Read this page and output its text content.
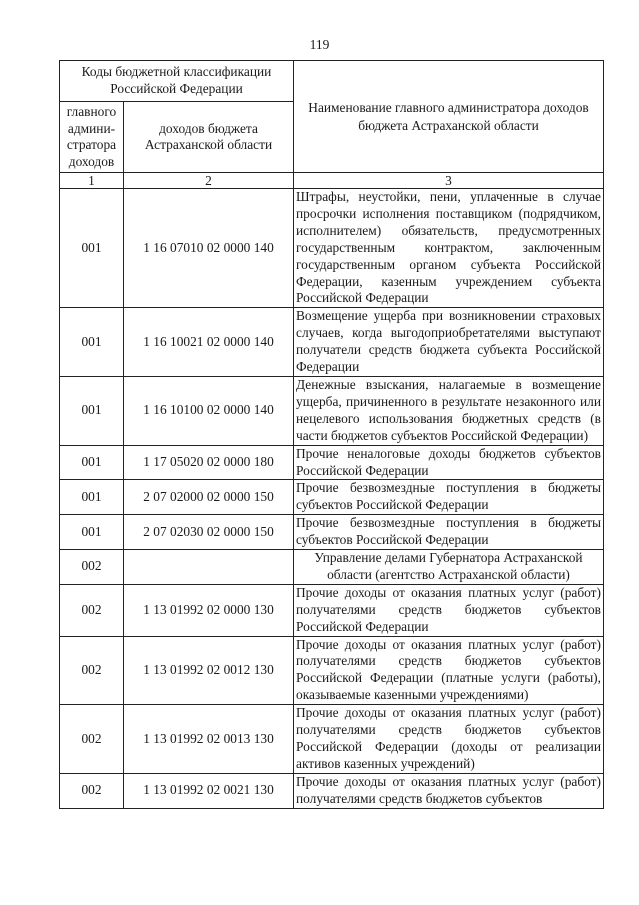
119
Коды бюджетной классификации Российской Федерации		Наименование главного администратора доходов бюджета Астраханской области
главного админи-стратора доходов	доходов бюджета Астраханской области	
1	2	3
001	1 16 07010 02 0000 140	Штрафы, неустойки, пени, уплаченные в случае просрочки исполнения поставщиком (подрядчиком, исполнителем) обязательств, предусмотренных государственным контрактом, заключенным государственным органом субъекта Российской Федерации, казенным учреждением субъекта Российской Федерации
001	1 16 10021 02 0000 140	Возмещение ущерба при возникновении страховых случаев, когда выгодоприобретателями выступают получатели средств бюджета субъекта Российской Федерации
001	1 16 10100 02 0000 140	Денежные взыскания, налагаемые в возмещение ущерба, причиненного в результате незаконного или нецелевого использования бюджетных средств (в части бюджетов субъектов Российской Федерации)
001	1 17 05020 02 0000 180	Прочие неналоговые доходы бюджетов субъектов Российской Федерации
001	2 07 02000 02 0000 150	Прочие безвозмездные поступления в бюджеты субъектов Российской Федерации
001	2 07 02030 02 0000 150	Прочие безвозмездные поступления в бюджеты субъектов Российской Федерации
002		Управление делами Губернатора Астраханской области (агентство Астраханской области)
002	1 13 01992 02 0000 130	Прочие доходы от оказания платных услуг (работ) получателями средств бюджетов субъектов Российской Федерации
002	1 13 01992 02 0012 130	Прочие доходы от оказания платных услуг (работ) получателями средств бюджетов субъектов Российской Федерации (платные услуги (работы), оказываемые казенными учреждениями)
002	1 13 01992 02 0013 130	Прочие доходы от оказания платных услуг (работ) получателями средств бюджетов субъектов Российской Федерации (доходы от реализации активов казенных учреждений)
002	1 13 01992 02 0021 130	Прочие доходы от оказания платных услуг (работ) получателями средств бюджетов субъектов
